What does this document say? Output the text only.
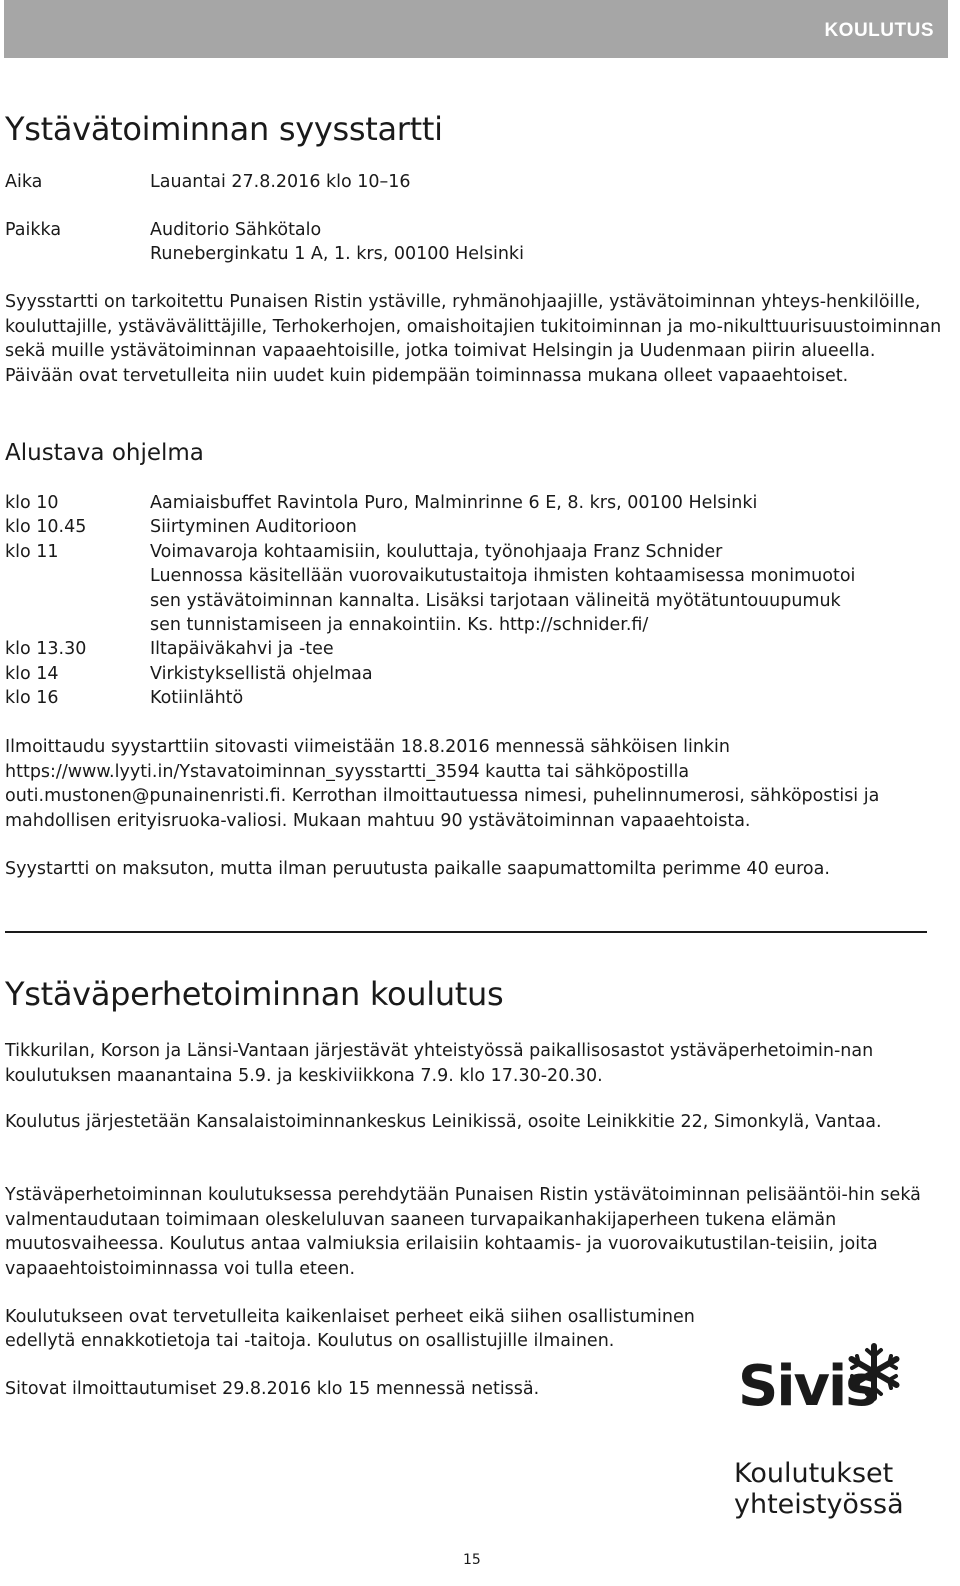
KOULUTUS
Ystävätoiminnan syysstartti
Aika	Lauantai 27.8.2016 klo 10–16
Paikka	Auditorio Sähkötalo
Runeberginkatu 1 A, 1. krs, 00100 Helsinki

Syysstartti on tarkoitettu Punaisen Ristin ystäville, ryhmänohjaajille, ystävätoiminnan yhteys-henkilöille, kouluttajille, ystävävälittäjille, Terhokerhojen, omaishoitajien tukitoiminnan ja mo-nikulttuurisuustoiminnan sekä muille ystävätoiminnan vapaaehtoisille, jotka toimivat Helsingin ja Uudenmaan piirin alueella. Päivään ovat tervetulleita niin uudet kuin pidempään toiminnassa mukana olleet vapaaehtoiset.

Alustava ohjelma
klo 10	Aamiaisbuffet Ravintola Puro, Malminrinne 6 E, 8. krs, 00100 Helsinki
klo 10.45	Siirtyminen Auditorioon
klo 11	Voimavaroja kohtaamisiin, kouluttaja, työnohjaaja Franz Schnider
Luennossa käsitellään vuorovaikutustaitoja ihmisten kohtaamisessa monimuotoi
sen ystävätoiminnan kannalta. Lisäksi tarjotaan välineitä myötätuntouupumuk
sen tunnistamiseen ja ennakointiin. Ks. http://schnider.fi/
klo 13.30	Iltapäiväkahvi ja -tee
klo 14	Virkistyksellistä ohjelmaa
klo 16	Kotiinlähtö

Ilmoittaudu syystarttiin sitovasti viimeistään 18.8.2016 mennessä sähköisen linkin https://www.lyyti.in/Ystavatoiminnan_syysstartti_3594 kautta tai sähköpostilla outi.mustonen@punainenristi.fi. Kerrothan ilmoittautuessa nimesi, puhelinnumerosi, sähköpostisi ja mahdollisen erityisruoka-valiosi. Mukaan mahtuu 90 ystävätoiminnan vapaaehtoista.

Syystartti on maksuton, mutta ilman peruutusta paikalle saapumattomilta perimme 40 euroa.

Ystäväperhetoiminnan koulutus

Tikkurilan, Korson ja Länsi-Vantaan järjestävät yhteistyössä paikallisosastot ystäväperhetoimin-nan koulutuksen maanantaina 5.9. ja keskiviikkona 7.9. klo 17.30-20.30.

Koulutus järjestetään Kansalaistoiminnankeskus Leinikissä, osoite Leinikkitie 22, Simonkylä, Vantaa.

Ystäväperhetoiminnan koulutuksessa perehdytään Punaisen Ristin ystävätoiminnan pelisääntöi-hin sekä valmentaudutaan toimimaan oleskeluluvan saaneen turvapaikanhakijaperheen tukena elämän muutosvaiheessa. Koulutus antaa valmiuksia erilaisiin kohtaamis- ja vuorovaikutustilan-teisiin, joita vapaaehtoistoiminnassa voi tulla eteen.

Koulutukseen ovat tervetulleita kaikenlaiset perheet eikä siihen osallistuminen
edellytä ennakkotietoja tai -taitoja. Koulutus on osallistujille ilmainen.
Sitovat ilmoittautumiset 29.8.2016 klo 15 mennessä netissä.	Sivis
Koulutukset
yhteistyössä
15
